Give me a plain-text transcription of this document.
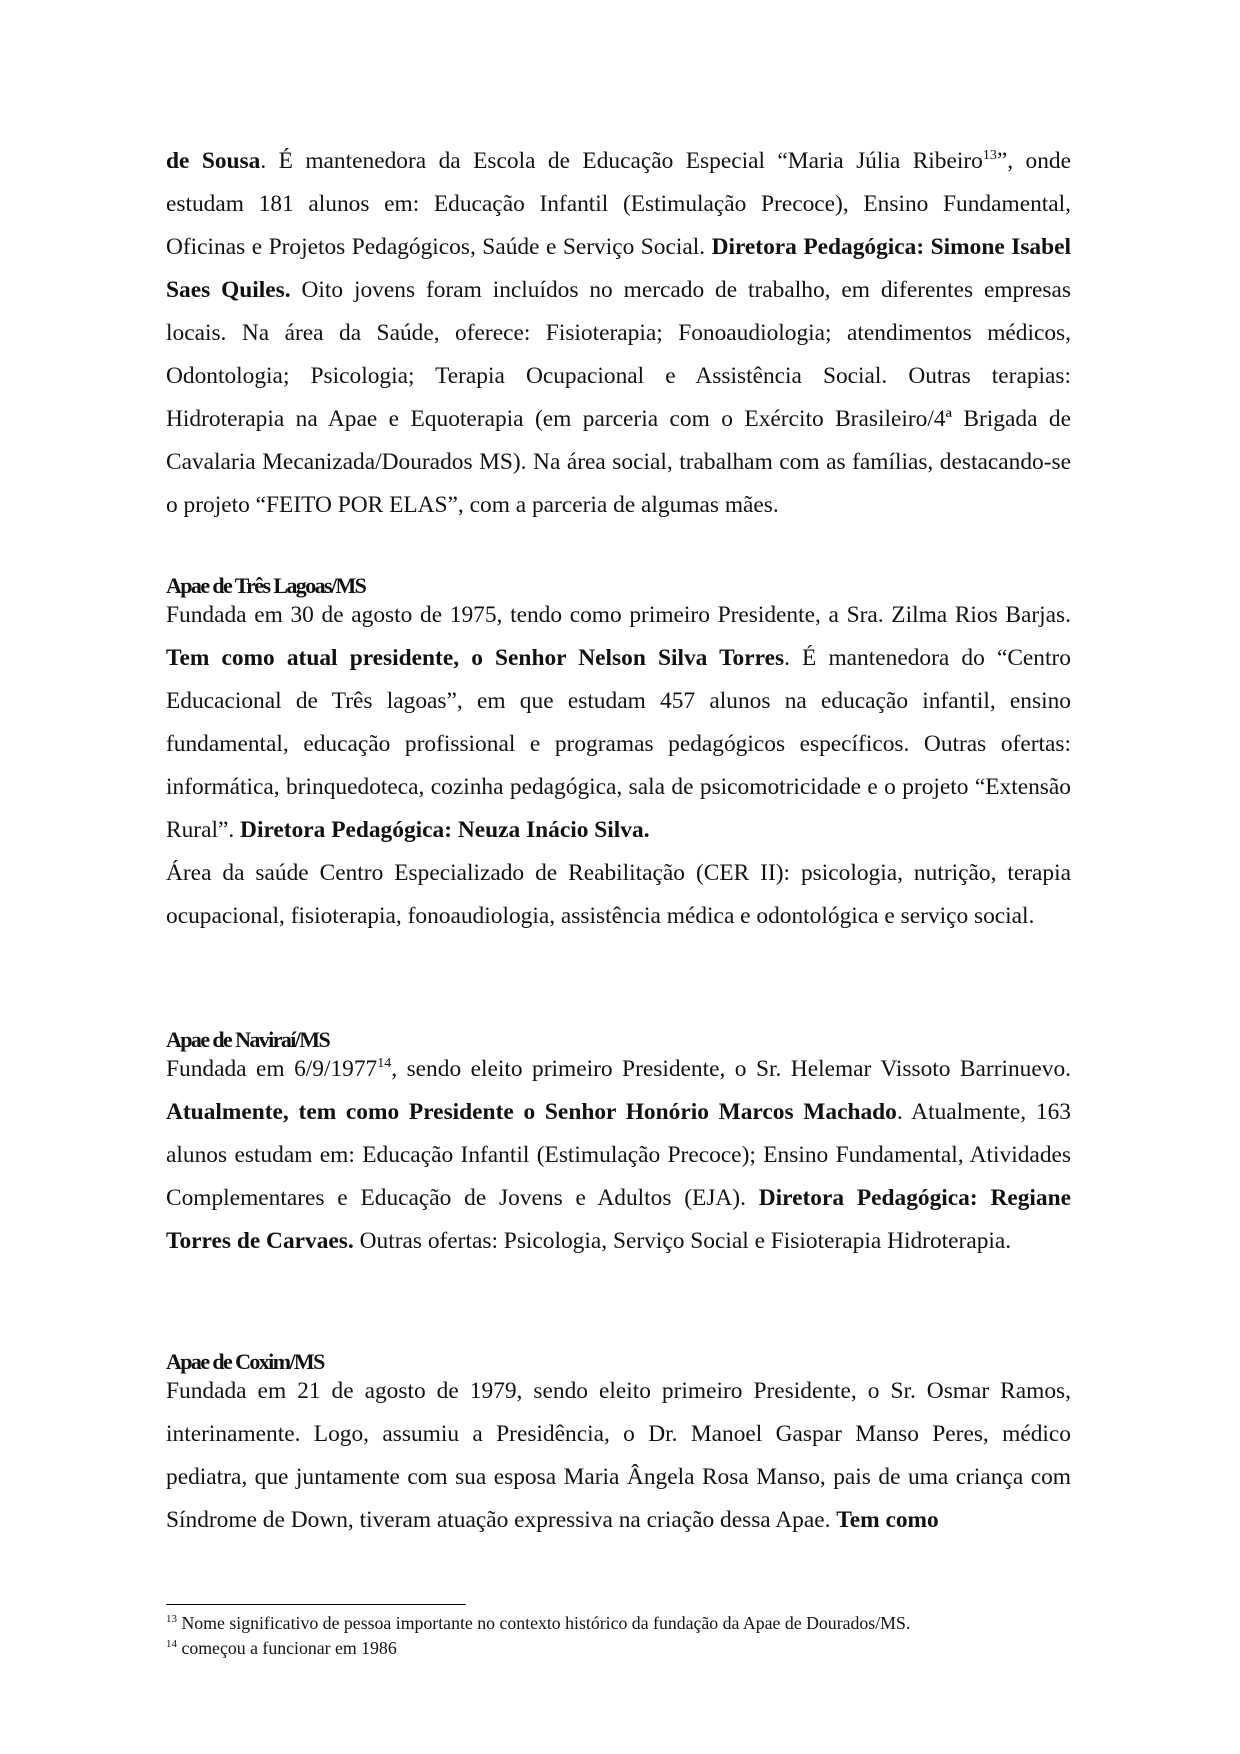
de Sousa. É mantenedora da Escola de Educação Especial “Maria Júlia Ribeiro$^{13}$”, onde estudam 181 alunos em: Educação Infantil (Estimulação Precoce), Ensino Fundamental, Oficinas e Projetos Pedagógicos, Saúde e Serviço Social. Diretora Pedagógica: Simone Isabel Saes Quiles. Oito jovens foram incluídos no mercado de trabalho, em diferentes empresas locais. Na área da Saúde, oferece: Fisioterapia; Fonoaudiologia; atendimentos médicos, Odontologia; Psicologia; Terapia Ocupacional e Assistência Social. Outras terapias: Hidroterapia na Apae e Equoterapia (em parceria com o Exército Brasileiro/4ª Brigada de Cavalaria Mecanizada/Dourados MS). Na área social, trabalham com as famílias, destacando-se o projeto “FEITO POR ELAS”, com a parceria de algumas mães.

Apae de Três Lagoas/MS

Fundada em 30 de agosto de 1975, tendo como primeiro Presidente, a Sra. Zilma Rios Barjas. Tem como atual presidente, o Senhor Nelson Silva Torres. É mantenedora do “Centro Educacional de Três lagoas”, em que estudam 457 alunos na educação infantil, ensino fundamental, educação profissional e programas pedagógicos específicos. Outras ofertas: informática, brinquedoteca, cozinha pedagógica, sala de psicomotricidade e o projeto “Extensão Rural”. Diretora Pedagógica: Neuza Inácio Silva.

Área da saúde Centro Especializado de Reabilitação (CER II): psicologia, nutrição, terapia ocupacional, fisioterapia, fonoaudiologia, assistência médica e odontológica e serviço social.

Apae de Naviraí/MS

Fundada em 6/9/1977$^{14}$, sendo eleito primeiro Presidente, o Sr. Helemar Vissoto Barrinuevo. Atualmente, tem como Presidente o Senhor Honório Marcos Machado. Atualmente, 163 alunos estudam em: Educação Infantil (Estimulação Precoce); Ensino Fundamental, Atividades Complementares e Educação de Jovens e Adultos (EJA). Diretora Pedagógica: Regiane Torres de Carvaes. Outras ofertas: Psicologia, Serviço Social e Fisioterapia Hidroterapia.

Apae de Coxim/MS

Fundada em 21 de agosto de 1979, sendo eleito primeiro Presidente, o Sr. Osmar Ramos, interinamente. Logo, assumiu a Presidência, o Dr. Manoel Gaspar Manso Peres, médico pediatra, que juntamente com sua esposa Maria Ângela Rosa Manso, pais de uma criança com Síndrome de Down, tiveram atuação expressiva na criação dessa Apae. Tem como

$^{13}$ Nome significativo de pessoa importante no contexto histórico da fundação da Apae de Dourados/MS.
$^{14}$ começou a funcionar em 1986
